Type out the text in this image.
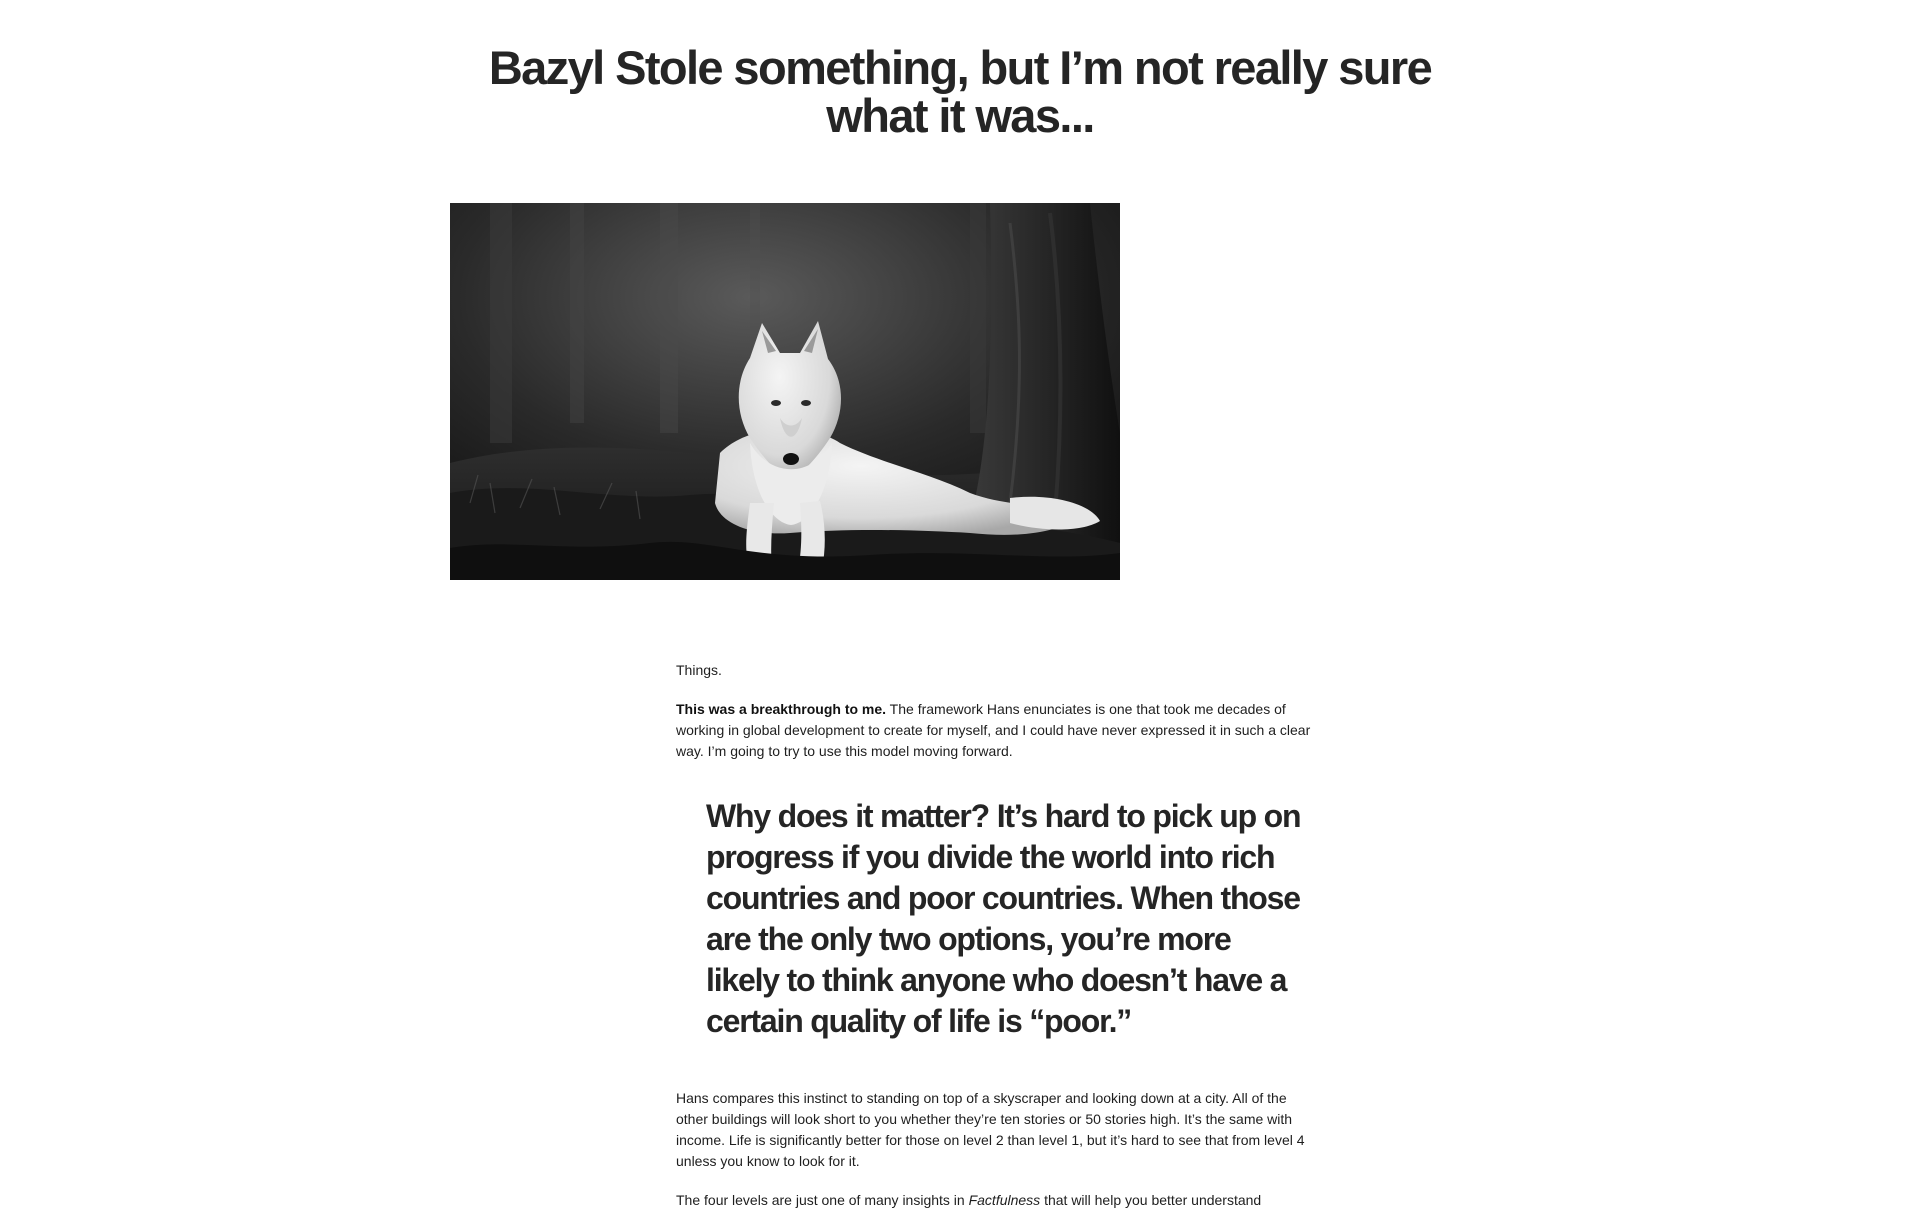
Bazyl Stole something, but I’m not really sure what it was...

Things.

This was a breakthrough to me. The framework Hans enunciates is one that took me decades of working in global development to create for myself, and I could have never expressed it in such a clear way. I’m going to try to use this model moving forward.

Why does it matter? It’s hard to pick up on progress if you divide the world into rich countries and poor countries. When those are the only two options, you’re more likely to think anyone who doesn’t have a certain quality of life is “poor.”

Hans compares this instinct to standing on top of a skyscraper and looking down at a city. All of the other buildings will look short to you whether they’re ten stories or 50 stories high. It’s the same with income. Life is significantly better for those on level 2 than level 1, but it’s hard to see that from level 4 unless you know to look for it.

The four levels are just one of many insights in Factfulness that will help you better understand
